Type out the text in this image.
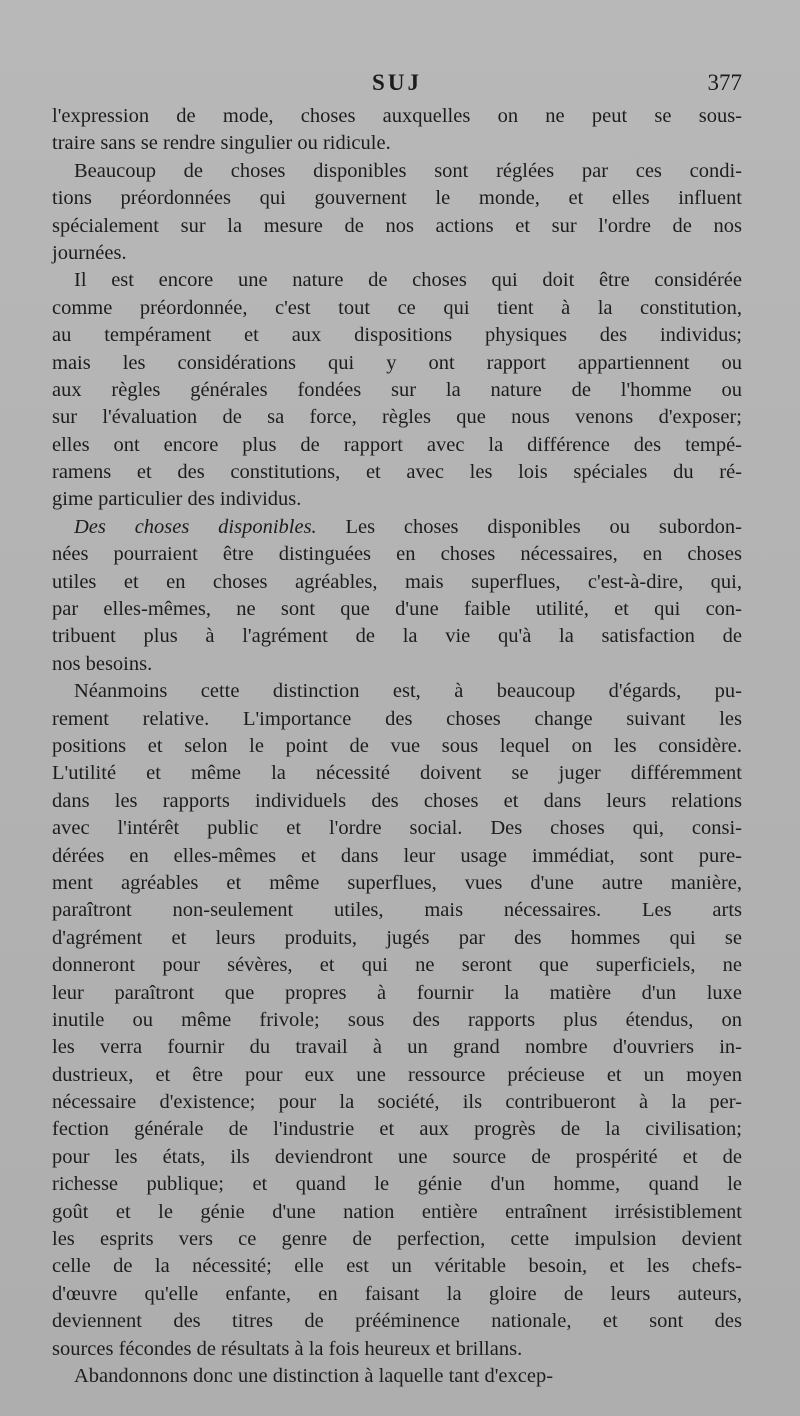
SUJ	377
l'expression de mode, choses auxquelles on ne peut se sous-
traire sans se rendre singulier ou ridicule.
Beaucoup de choses disponibles sont réglées par ces condi-
tions préordonnées qui gouvernent le monde, et elles influent
spécialement sur la mesure de nos actions et sur l'ordre de nos
journées.
Il est encore une nature de choses qui doit être considérée
comme préordonnée, c'est tout ce qui tient à la constitution,
au tempérament et aux dispositions physiques des individus;
mais les considérations qui y ont rapport appartiennent ou
aux règles générales fondées sur la nature de l'homme ou
sur l'évaluation de sa force, règles que nous venons d'exposer;
elles ont encore plus de rapport avec la différence des tempé-
ramens et des constitutions, et avec les lois spéciales du ré-
gime particulier des individus.
Des choses disponibles. Les choses disponibles ou subordon-
nées pourraient être distinguées en choses nécessaires, en choses
utiles et en choses agréables, mais superflues, c'est-à-dire, qui,
par elles-mêmes, ne sont que d'une faible utilité, et qui con-
tribuent plus à l'agrément de la vie qu'à la satisfaction de
nos besoins.
Néanmoins cette distinction est, à beaucoup d'égards, pu-
rement relative. L'importance des choses change suivant les
positions et selon le point de vue sous lequel on les considère.
L'utilité et même la nécessité doivent se juger différemment
dans les rapports individuels des choses et dans leurs relations
avec l'intérêt public et l'ordre social. Des choses qui, consi-
dérées en elles-mêmes et dans leur usage immédiat, sont pure-
ment agréables et même superflues, vues d'une autre manière,
paraîtront non-seulement utiles, mais nécessaires. Les arts
d'agrément et leurs produits, jugés par des hommes qui se
donneront pour sévères, et qui ne seront que superficiels, ne
leur paraîtront que propres à fournir la matière d'un luxe
inutile ou même frivole; sous des rapports plus étendus, on
les verra fournir du travail à un grand nombre d'ouvriers in-
dustrieux, et être pour eux une ressource précieuse et un moyen
nécessaire d'existence; pour la société, ils contribueront à la per-
fection générale de l'industrie et aux progrès de la civilisation;
pour les états, ils deviendront une source de prospérité et de
richesse publique; et quand le génie d'un homme, quand le
goût et le génie d'une nation entière entraînent irrésistiblement
les esprits vers ce genre de perfection, cette impulsion devient
celle de la nécessité; elle est un véritable besoin, et les chefs-
d'œuvre qu'elle enfante, en faisant la gloire de leurs auteurs,
deviennent des titres de prééminence nationale, et sont des
sources fécondes de résultats à la fois heureux et brillans.
Abandonnons donc une distinction à laquelle tant d'excep-
